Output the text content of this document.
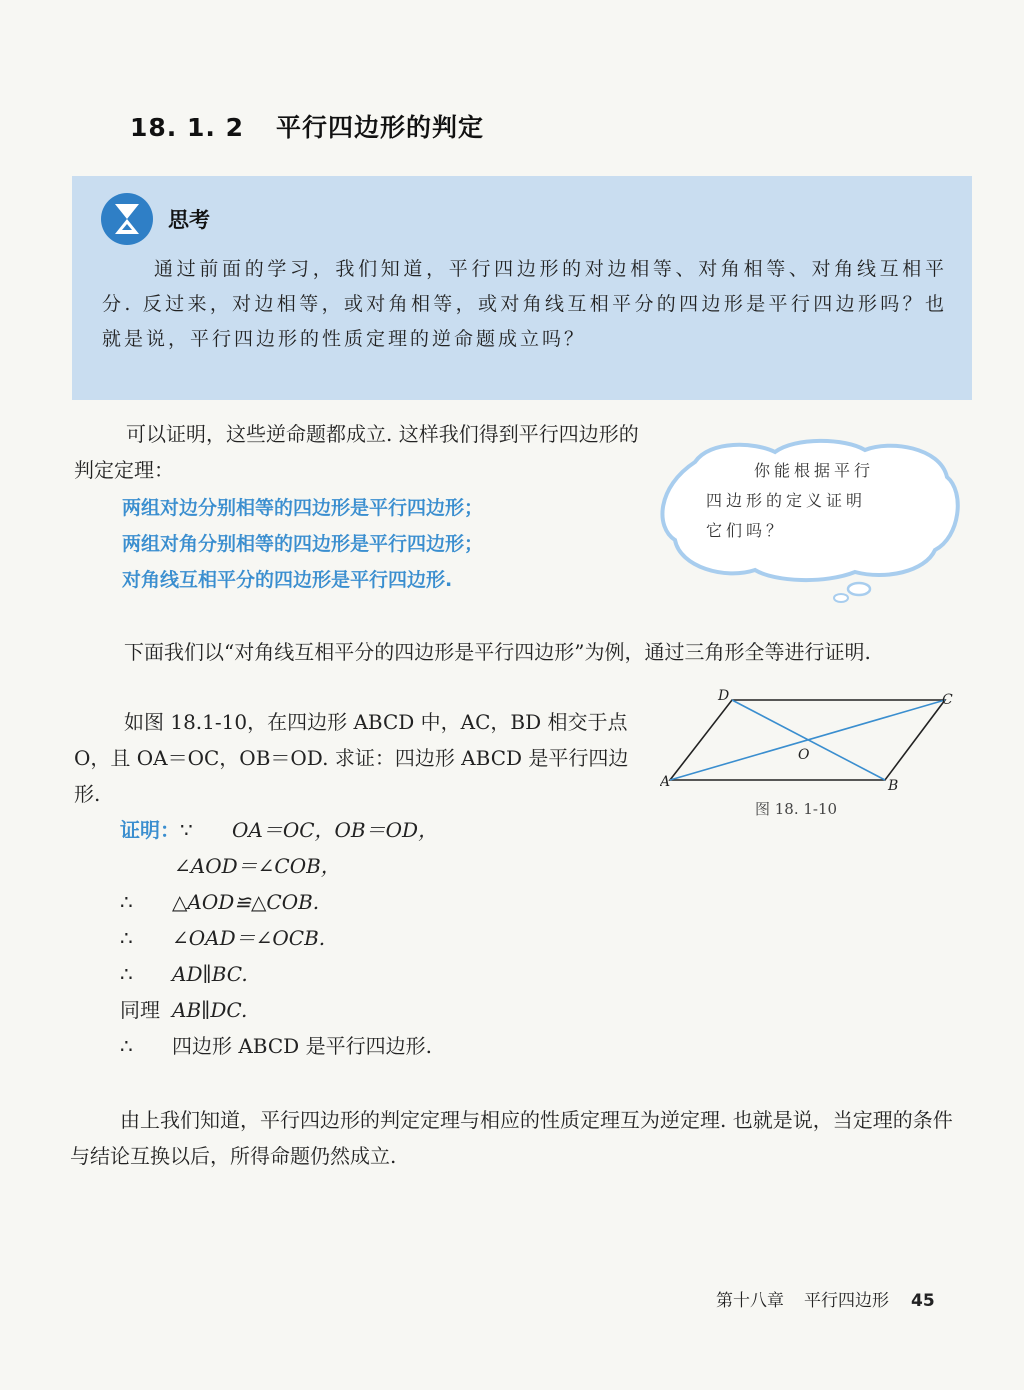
18. 1. 2 平行四边形的判定
思考
通过前面的学习，我们知道，平行四边形的对边相等、对角相等、对角线互相平分. 反过来，对边相等，或对角相等，或对角线互相平分的四边形是平行四边形吗？也就是说，平行四边形的性质定理的逆命题成立吗？
可以证明，这些逆命题都成立. 这样我们得到平行四边形的判定定理：
两组对边分别相等的四边形是平行四边形；
两组对角分别相等的四边形是平行四边形；
对角线互相平分的四边形是平行四边形.
你能根据平行
四边形的定义证明
它们吗？
下面我们以“对角线互相平分的四边形是平行四边形”为例，通过三角形全等进行证明.
如图 18.1-10，在四边形 ABCD 中，AC，BD 相交于点 O，且 OA＝OC，OB＝OD. 求证：四边形 ABCD 是平行四边形.	A	B
C
D
O
图 18. 1-10
证明：∵ OA＝OC，OB＝OD，
∠AOD＝∠COB，
∴ △AOD≌△COB.
∴ ∠OAD＝∠OCB.
∴ AD∥BC.
同理 AB∥DC.
∴ 四边形 ABCD 是平行四边形.
由上我们知道，平行四边形的判定定理与相应的性质定理互为逆定理. 也就是说，当定理的条件与结论互换以后，所得命题仍然成立.
第十八章 平行四边形 45
